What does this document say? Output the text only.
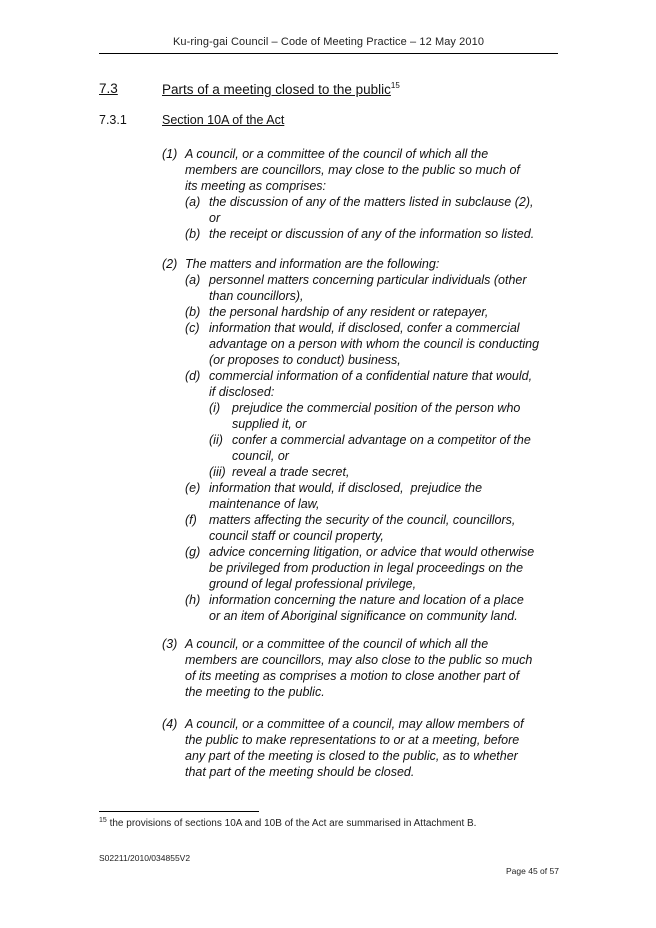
Ku-ring-gai Council – Code of Meeting Practice – 12 May 2010
7.3	Parts of a meeting closed to the public$^{15}$
7.3.1	Section 10A of the Act
(1) A council, or a committee of the council of which all the
members are councillors, may close to the public so much of
its meeting as comprises:
(a) the discussion of any of the matters listed in subclause (2),
or
(b) the receipt or discussion of any of the information so listed.
(2) The matters and information are the following:
(a) personnel matters concerning particular individuals (other
than councillors),
(b) the personal hardship of any resident or ratepayer,
(c) information that would, if disclosed, confer a commercial
advantage on a person with whom the council is conducting
(or proposes to conduct) business,
(d) commercial information of a confidential nature that would,
if disclosed:
(i) prejudice the commercial position of the person who
supplied it, or
(ii) confer a commercial advantage on a competitor of the
council, or
(iii) reveal a trade secret,
(e) information that would, if disclosed,  prejudice the
maintenance of law,
(f) matters affecting the security of the council, councillors,
council staff or council property,
(g) advice concerning litigation, or advice that would otherwise
be privileged from production in legal proceedings on the
ground of legal professional privilege,
(h) information concerning the nature and location of a place
or an item of Aboriginal significance on community land.
(3) A council, or a committee of the council of which all the
members are councillors, may also close to the public so much
of its meeting as comprises a motion to close another part of
the meeting to the public.
(4) A council, or a committee of a council, may allow members of
the public to make representations to or at a meeting, before
any part of the meeting is closed to the public, as to whether
that part of the meeting should be closed.
$^{15}$ the provisions of sections 10A and 10B of the Act are summarised in Attachment B.
S02211/2010/034855V2
Page 45 of 57
